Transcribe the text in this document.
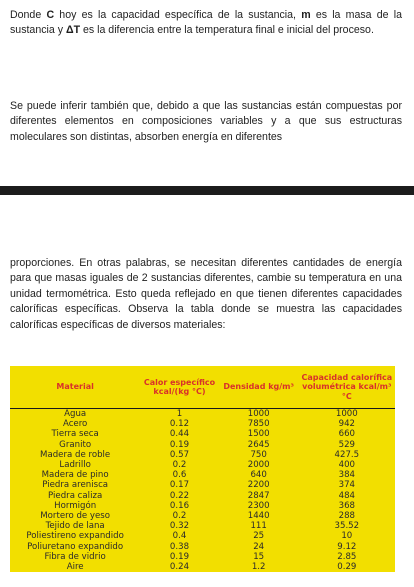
Donde C hoy es la capacidad específica de la sustancia, m es la masa de la sustancia y ΔT es la diferencia entre la temperatura final e inicial del proceso.

Se puede inferir también que, debido a que las sustancias están compuestas por diferentes elementos en composiciones variables y a que sus estructuras moleculares son distintas, absorben energía en diferentes

proporciones. En otras palabras, se necesitan diferentes cantidades de energía para que masas iguales de 2 sustancias diferentes, cambie su temperatura en una unidad termométrica. Esto queda reflejado en que tienen diferentes capacidades caloríficas específicas. Observa la tabla donde se muestra las capacidades caloríficas específicas de diversos materiales:

Material	Calor específico kcal/(kg °C)	Densidad kg/m³	Capacidad calorífica volumétrica kcal/m³ °C
Agua	1	1000	1000
Acero	0.12	7850	942
Tierra seca	0.44	1500	660
Granito	0.19	2645	529
Madera de roble	0.57	750	427.5
Ladrillo	0.2	2000	400
Madera de pino	0.6	640	384
Piedra arenisca	0.17	2200	374
Piedra caliza	0.22	2847	484
Hormigón	0.16	2300	368
Mortero de yeso	0.2	1440	288
Tejido de lana	0.32	111	35.52
Poliestireno expandido	0.4	25	10
Poliuretano expandido	0.38	24	9.12
Fibra de vidrio	0.19	15	2.85
Aire	0.24	1.2	0.29
